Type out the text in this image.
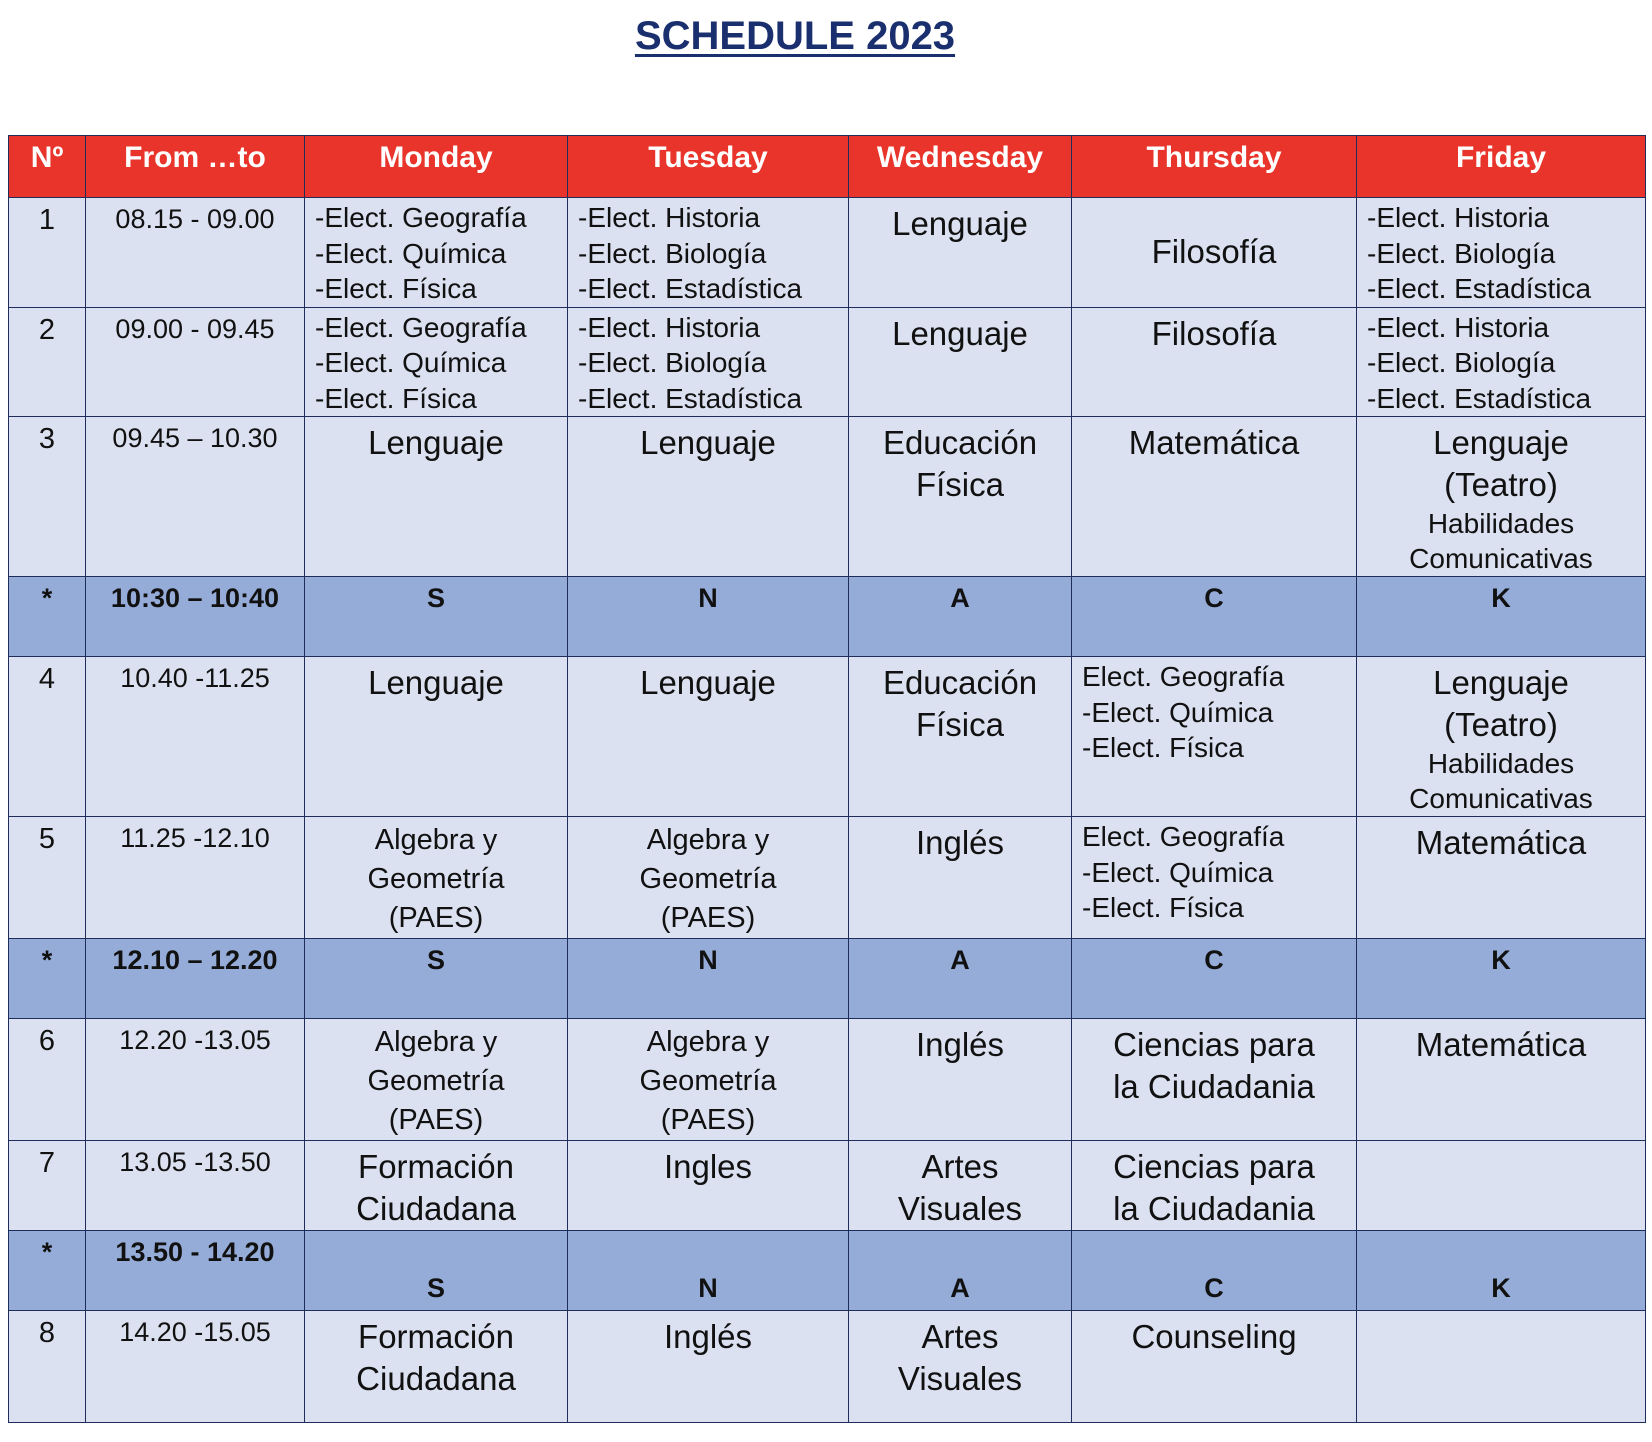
SCHEDULE 2023
Nº	From …to	Monday	Tuesday	Wednesday	Thursday	Friday
1	08.15 - 09.00	-Elect. Geografía
-Elect. Química
-Elect. Física	-Elect. Historia
-Elect. Biología
-Elect. Estadística	Lenguaje	Filosofía	-Elect. Historia
-Elect. Biología
-Elect. Estadística

2	09.00 - 09.45	-Elect. Geografía
-Elect. Química
-Elect. Física	-Elect. Historia
-Elect. Biología
-Elect. Estadística	Lenguaje	Filosofía	-Elect. Historia
-Elect. Biología
-Elect. Estadística

3	09.45 – 10.30	Lenguaje	Lenguaje	Educación
Física	Matemática	Lenguaje
(Teatro)
Habilidades
Comunicativas

*	10:30 – 10:40	S	N	A	C	K
4	10.40 -11.25	Lenguaje	Lenguaje	Educación
Física	Elect. Geografía
-Elect. Química
-Elect. Física	Lenguaje
(Teatro)
Habilidades
Comunicativas

5	11.25 -12.10	Algebra y
Geometría
(PAES)	Algebra y
Geometría
(PAES)	Inglés	Elect. Geografía
-Elect. Química
-Elect. Física	Matemática
*	12.10 – 12.20	S	N	A	C	K
6	12.20 -13.05	Algebra y
Geometría
(PAES)	Algebra y
Geometría
(PAES)	Inglés	Ciencias para
la Ciudadania	Matemática
7	13.05 -13.50	Formación
Ciudadana	Ingles	Artes
Visuales	Ciencias para
la Ciudadania	

*	13.50 - 14.20	S	N	A	C	K
8	14.20 -15.05	Formación
Ciudadana	Inglés	Artes
Visuales	Counseling	
